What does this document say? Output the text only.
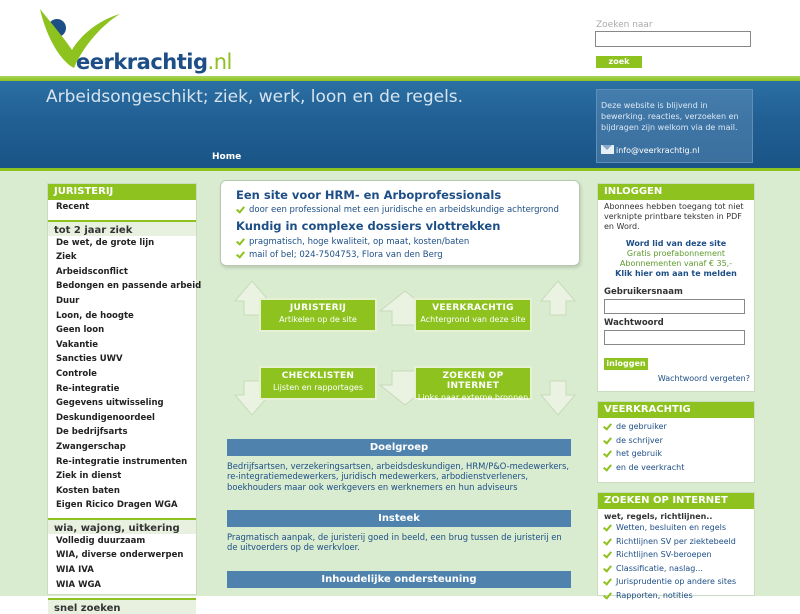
eerkrachtig.nl
Zoeken naar
zoek
Arbeidsongeschikt; ziek, werk, loon en de regels.
Home
Deze website is blijvend in bewerking. reacties, verzoeken en bijdragen zijn welkom via de mail.
info@veerkrachtig.nl
JURISTERIJ
Recent
tot 2 jaar ziek
De wet, de grote lijn
Ziek
Arbeidsconflict
Bedongen en passende arbeid
Duur
Loon, de hoogte
Geen loon
Vakantie
Sancties UWV
Controle
Re-integratie
Gegevens uitwisseling
Deskundigenoordeel
De bedrijfsarts
Zwangerschap
Re-integratie instrumenten
Ziek in dienst
Kosten baten
Eigen Ricico Dragen WGA
wia, wajong, uitkering
Volledig duurzaam
WIA, diverse onderwerpen
WIA IVA
WIA WGA
snel zoeken
Een site voor HRM- en Arboprofessionals
door een professional met een juridische en arbeidskundige achtergrond
Kundig in complexe dossiers vlottrekken
pragmatisch, hoge kwaliteit, op maat, kosten/baten
mail of bel; 024-7504753, Flora van den Berg
JURISTERIJ
Artikelen op de site
VEERKRACHTIG
Achtergrond van deze site
CHECKLISTEN
Lijsten en rapportages
ZOEKEN OP INTERNET
Links naar externe bronnen
Doelgroep
Bedrijfsartsen, verzekeringsartsen, arbeidsdeskundigen, HRM/P&O-medewerkers, re-integratiemedewerkers, juridisch medewerkers, arbodienstverleners, boekhouders maar ook werkgevers en werknemers en hun adviseurs
Insteek
Pragmatisch aanpak, de juristerij goed in beeld, een brug tussen de juristerij en de uitvoerders op de werkvloer.
Inhoudelijke ondersteuning
INLOGGEN
Abonnees hebben toegang tot niet verknipte printbare teksten in PDF en Word.
Word lid van deze site
Gratis proefabonnement
Abonnementen vanaf € 35,-
Klik hier om aan te melden
Gebruikersnaam
Wachtwoord
inloggen
Wachtwoord vergeten?
VEERKRACHTIG
de gebruiker
de schrijver
het gebruik
en de veerkracht
ZOEKEN OP INTERNET
wet, regels, richtlijnen..
Wetten, besluiten en regels
Richtlijnen SV per ziektebeeld
Richtlijnen SV-beroepen
Classificatie, naslag...
Jurisprudentie op andere sites
Rapporten, notities
